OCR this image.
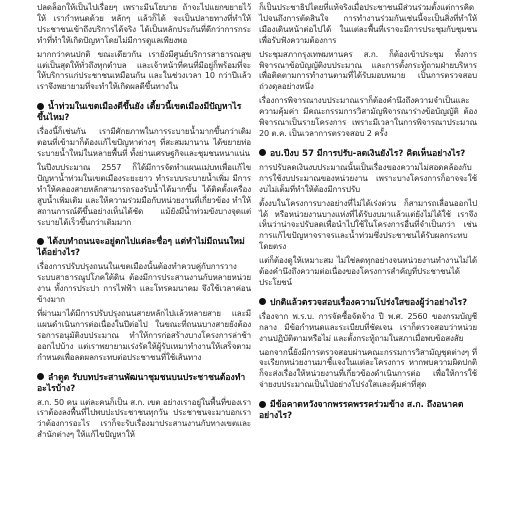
ปลดล็อกให้เป็นไปเรื่อยๆ เพราะมีนโยบาย ถ้าจะไปแยกขยายไว้ให้ เรากำหนดด้วย หลักๆ แล้วก็ได้ จะเป็นปลายทางที่ทำให้ประชาชนเข้าถึงบริการได้จริง ได้เป็นหลักประกันที่ดีกว่าการกระทำที่ทำให้เกิดปัญหาโดยไม่มีการดูแลเพียงพอ

มากกว่าคนปกติ ขณะเดียวกัน เรายังมีศูนย์บริการสาธารณสุขแต่เป็นสุดให้ทั่วถึงทุกตำบล และเจ้าหน้าที่คนที่มีอยู่ก็พร้อมที่จะให้บริการแก่ประชาชนเหมือนกัน และในช่วงเวลา 10 กว่าปีแล้ว เราจึงพยายามที่จะทำให้เกิดผลดีขึ้นทางใน

น้ำท่วมในเขตเมืองดีขึ้นยัง เตี้ยวนี้เขตเมืองมีปัญหาไรขึ้นไหม?

เรื่องนี้ก็เช่นกัน เรามีศักยภาพในการระบายน้ำมากขึ้นกว่าเดิม ตอนที่เข้ามาก็ต้องแก้ไขปัญหาต่างๆ ที่สะสมมานาน ได้ขยายท่อระบายน้ำใหม่ในหลายพื้นที่ ทั้งย่านเศรษฐกิจและชุมชนหนาแน่น

ในปีงบประมาณ 2557 ก็ได้มีการจัดทำแผนแม่บทเพื่อแก้ไขปัญหาน้ำท่วมในเขตเมืองระยะยาว ทำระบบระบายน้ำเพิ่ม มีการทำให้คลองสายหลักสามารถรองรับน้ำได้มากขึ้น ได้ติดตั้งเครื่องสูบน้ำเพิ่มเติม และให้ความร่วมมือกับหน่วยงานที่เกี่ยวข้อง ทำให้สถานการณ์ดีขึ้นอย่างเห็นได้ชัด แม้ยังมีน้ำท่วมขังบางจุดแต่ระบายได้เร็วขึ้นกว่าเดิมมาก

ได้งบทำถนนจะอยู่ตกไปแต่ละชื่อๆ แต่ทำไม่มีถนนใหม่ได้อย่างไร?

เรื่องการปรับปรุงถนนในเขตเมืองนั้นต้องทำควบคู่กับการวางระบบสาธารณูปโภคใต้ดิน ต้องมีการประสานงานกับหลายหน่วยงาน ทั้งการประปา การไฟฟ้า และโทรคมนาคม จึงใช้เวลาค่อนข้างมาก

ที่ผ่านมาได้มีการปรับปรุงถนนสายหลักไปแล้วหลายสาย และมีแผนดำเนินการต่อเนื่องในปีต่อไป ในขณะที่ถนนบางสายยังต้องรอการอนุมัติงบประมาณ ทำให้การก่อสร้างบางโครงการล่าช้าออกไปบ้าง แต่เราพยายามเร่งรัดให้ผู้รับเหมาทำงานให้เสร็จตามกำหนดเพื่อลดผลกระทบต่อประชาชนที่ใช้เส้นทาง

ลำดูต รับบทประสานพัฒนาชุมชนบนประชาชนต้องทำอะไรบ้าง?

ส.ก. 50 คน แต่ละคนก็เป็น ส.ก. เขต อย่างเราอยู่ในพื้นที่ของเรา เราต้องลงพื้นที่ไปพบปะประชาชนทุกวัน ประชาชนจะมาบอกเราว่าต้องการอะไร เราก็จะรับเรื่องมาประสานงานกับทางเขตและสำนักต่างๆ ให้แก้ไขปัญหาให้

ก็เป็นประชาธิปไตยที่แท้จริงเมื่อประชาชนมีส่วนร่วมตั้งแต่การคิดไปจนถึงการตัดสินใจ การทำงานร่วมกันเช่นนี้จะเป็นสิ่งที่ทำให้เมืองเดินหน้าต่อไปได้ ในแต่ละพื้นที่เราจะมีการประชุมกับชุมชนเพื่อรับฟังความต้องการ

ประชุมสภากรุงเทพมหานคร ส.ก. ก็ต้องเข้าประชุม ทั้งการพิจารณาข้อบัญญัติงบประมาณ และการตั้งกระทู้ถามฝ่ายบริหาร เพื่อติดตามการทำงานตามที่ได้รับมอบหมาย เป็นการตรวจสอบถ่วงดุลอย่างหนึ่ง

เรื่องการพิจารณางบประมาณเราก็ต้องคำนึงถึงความจำเป็นและความคุ้มค่า มีคณะกรรมการวิสามัญพิจารณาร่างข้อบัญญัติ ต้องพิจารณาเป็นรายโครงการ เพราะมีเวลาในการพิจารณาประมาณ 20 ต.ค. เป็นเวลาการตรวจสอบ 2 ครั้ง

อบ.ปีงบ 57 มีการปรับ-ลดเงินยังไร? คิดเห็นอย่างไร?

การปรับลดเงินงบประมาณนั้นเป็นเรื่องของความไม่สอดคล้องกับการใช้งบประมาณของหน่วยงาน เพราะบางโครงการก็อาจจะใช้งบไม่เต็มที่ทำให้ต้องมีการปรับ

ตั้งงบในโครงการบางอย่างที่ไม่ได้เร่งด่วน ก็สามารถเลื่อนออกไปได้ หรือหน่วยงานบางแห่งที่ได้รับงบมาแล้วแต่ยังไม่ได้ใช้ เราจึงเห็นว่าน่าจะปรับลดเพื่อนำไปใช้ในโครงการอื่นที่จำเป็นกว่า เช่น การแก้ไขปัญหาจราจรและน้ำท่วมซึ่งประชาชนได้รับผลกระทบโดยตรง

แต่ก็ต้องดูให้เหมาะสม ไม่ใช่ลดทุกอย่างจนหน่วยงานทำงานไม่ได้ ต้องคำนึงถึงความต่อเนื่องของโครงการสำคัญที่ประชาชนได้ประโยชน์

ปกติแล้วตรวจสอบเรื่องความโปร่งใสของผู้ว่าอย่างไร?

เรื่องจาก พ.ร.บ. การจัดซื้อจัดจ้าง ปี พ.ศ. 2560 ของกรมบัญชีกลาง มีข้อกำหนดและระเบียบที่ชัดเจน เราก็ตรวจสอบว่าหน่วยงานปฏิบัติตามหรือไม่ และตั้งกระทู้ถามในสภาเมื่อพบข้อสงสัย

นอกจากนี้ยังมีการตรวจสอบผ่านคณะกรรมการวิสามัญชุดต่างๆ ที่จะเรียกหน่วยงานมาชี้แจงในแต่ละโครงการ หากพบความผิดปกติก็จะส่งเรื่องให้หน่วยงานที่เกี่ยวข้องดำเนินการต่อ เพื่อให้การใช้จ่ายงบประมาณเป็นไปอย่างโปร่งใสและคุ้มค่าที่สุด

มีข้อคาดหวังจากพรรคพรรคร่วมข้าง ส.ก. ถึงอนาคตอย่างไร?
